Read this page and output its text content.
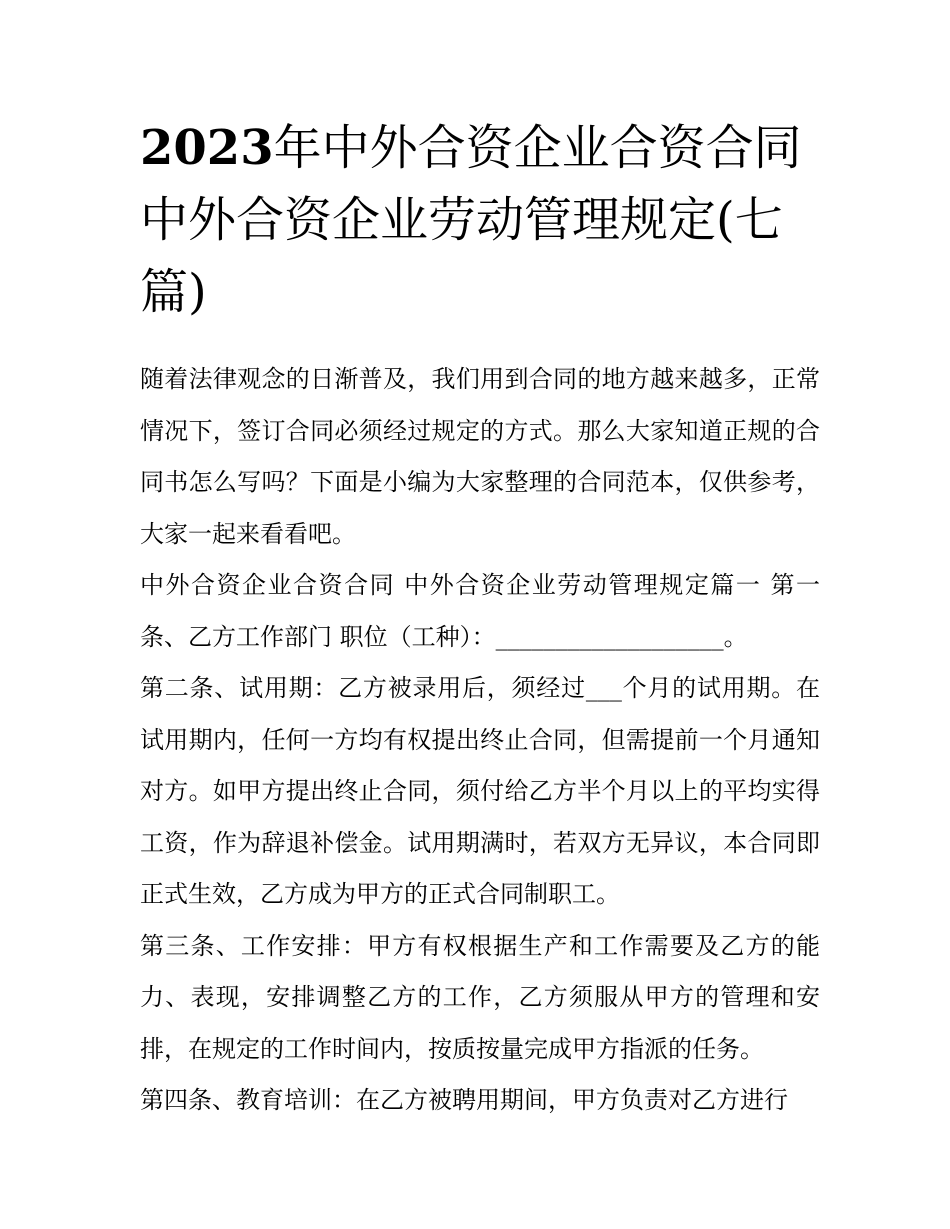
2023年中外合资企业合资合同中外合资企业劳动管理规定(七篇)

随着法律观念的日渐普及，我们用到合同的地方越来越多，正常情况下，签订合同必须经过规定的方式。那么大家知道正规的合同书怎么写吗？下面是小编为大家整理的合同范本，仅供参考，大家一起来看看吧。

中外合资企业合资合同 中外合资企业劳动管理规定篇一 第一条、乙方工作部门 职位（工种）：___________________。

第二条、试用期：乙方被录用后，须经过___个月的试用期。在试用期内，任何一方均有权提出终止合同，但需提前一个月通知对方。如甲方提出终止合同，须付给乙方半个月以上的平均实得工资，作为辞退补偿金。试用期满时，若双方无异议，本合同即正式生效，乙方成为甲方的正式合同制职工。

第三条、工作安排：甲方有权根据生产和工作需要及乙方的能力、表现，安排调整乙方的工作，乙方须服从甲方的管理和安排，在规定的工作时间内，按质按量完成甲方指派的任务。

第四条、教育培训：在乙方被聘用期间，甲方负责对乙方进行
